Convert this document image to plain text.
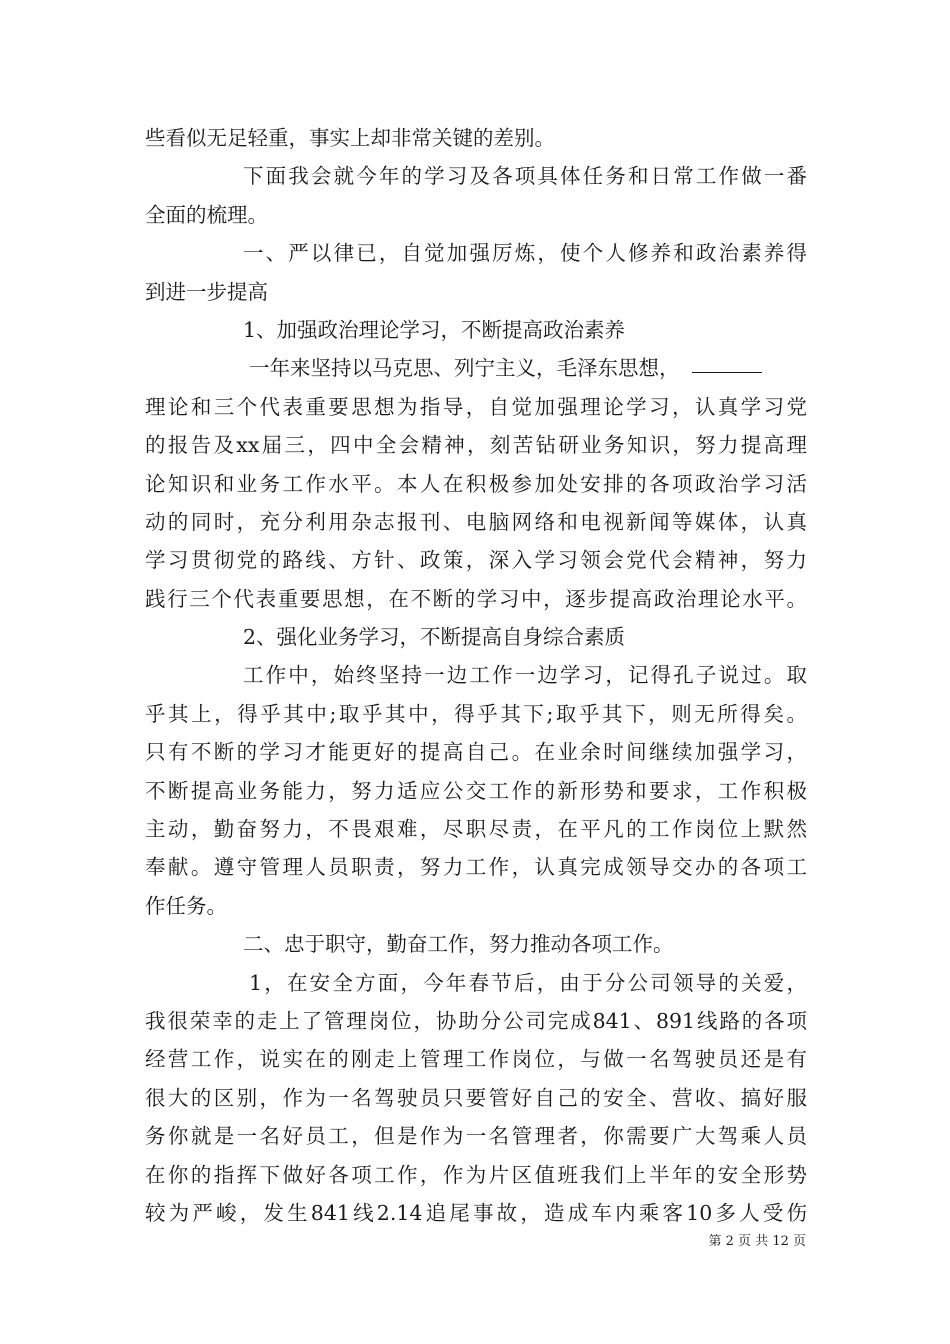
些看似无足轻重，事实上却非常关键的差别。
下面我会就今年的学习及各项具体任务和日常工作做一番
全面的梳理。
一、严以律已，自觉加强厉炼，使个人修养和政治素养得
到进一步提高
1、加强政治理论学习，不断提高政治素养
一年来坚持以马克思、列宁主义，毛泽东思想，
理论和三个代表重要思想为指导，自觉加强理论学习，认真学习党
的报告及xx届三，四中全会精神，刻苦钻研业务知识，努力提高理
论知识和业务工作水平。本人在积极参加处安排的各项政治学习活
动的同时，充分利用杂志报刊、电脑网络和电视新闻等媒体，认真
学习贯彻党的路线、方针、政策，深入学习领会党代会精神，努力
践行三个代表重要思想，在不断的学习中，逐步提高政治理论水平。
2、强化业务学习，不断提高自身综合素质
工作中，始终坚持一边工作一边学习，记得孔子说过。取
乎其上，得乎其中;取乎其中，得乎其下;取乎其下，则无所得矣。
只有不断的学习才能更好的提高自己。在业余时间继续加强学习，
不断提高业务能力，努力适应公交工作的新形势和要求，工作积极
主动，勤奋努力，不畏艰难，尽职尽责，在平凡的工作岗位上默然
奉献。遵守管理人员职责，努力工作，认真完成领导交办的各项工
作任务。
二、忠于职守，勤奋工作，努力推动各项工作。
1，在安全方面，今年春节后，由于分公司领导的关爱，
我很荣幸的走上了管理岗位，协助分公司完成841、891线路的各项
经营工作，说实在的刚走上管理工作岗位，与做一名驾驶员还是有
很大的区别，作为一名驾驶员只要管好自己的安全、营收、搞好服
务你就是一名好员工，但是作为一名管理者，你需要广大驾乘人员
在你的指挥下做好各项工作，作为片区值班我们上半年的安全形势
较为严峻，发生841线2.14追尾事故，造成车内乘客10多人受伤
第 2 页 共 12 页
